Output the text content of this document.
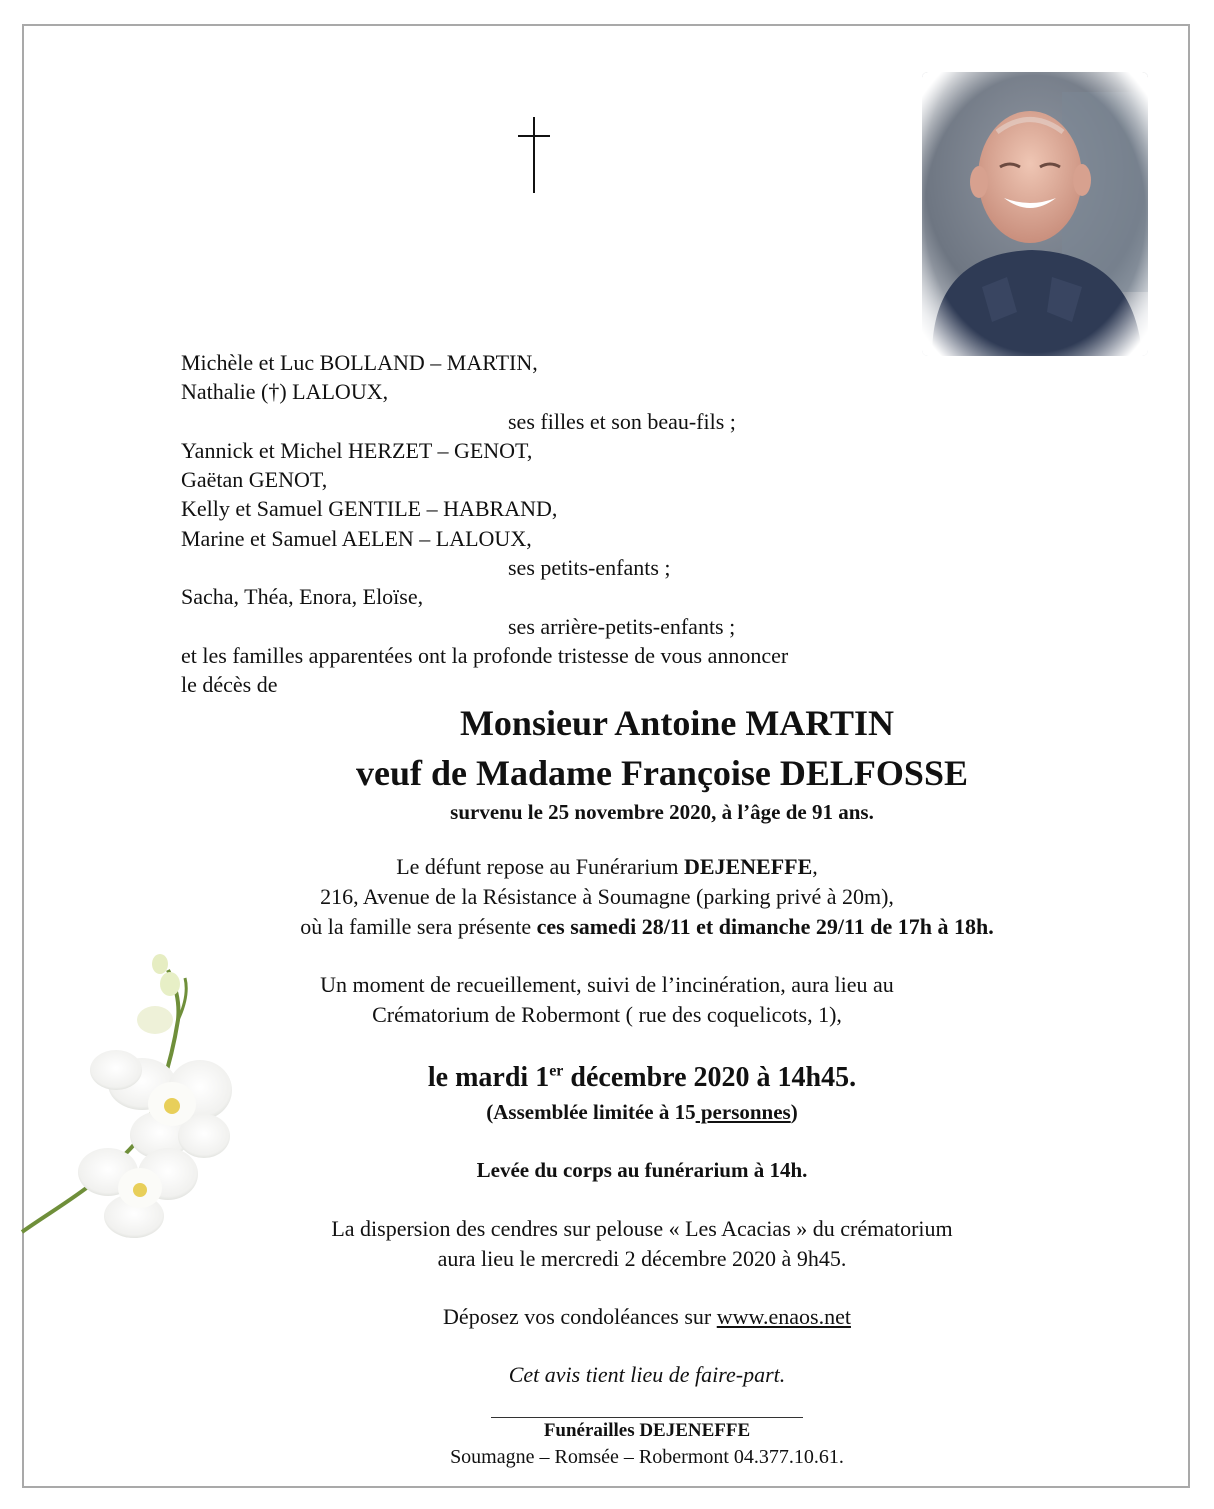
Michèle et Luc BOLLAND – MARTIN,
Nathalie (†) LALOUX,
ses filles et son beau-fils ;
Yannick et Michel HERZET – GENOT,
Gaëtan GENOT,
Kelly et Samuel GENTILE – HABRAND,
Marine et Samuel AELEN – LALOUX,
ses petits-enfants ;
Sacha, Théa, Enora, Eloïse,
ses arrière-petits-enfants ;
et les familles apparentées ont la profonde tristesse de vous annoncer
le décès de
Monsieur Antoine MARTIN
veuf de Madame Françoise DELFOSSE
survenu le 25 novembre 2020, à l’âge de 91 ans.
Le défunt repose au Funérarium DEJENEFFE,
216, Avenue de la Résistance à Soumagne (parking privé à 20m),
où la famille sera présente ces samedi 28/11 et dimanche 29/11 de 17h à 18h.
Un moment de recueillement, suivi de l’incinération, aura lieu au
Crématorium de Robermont ( rue des coquelicots, 1),
le mardi 1er décembre 2020 à 14h45.
(Assemblée limitée à 15 personnes)
Levée du corps au funérarium à 14h.
La dispersion des cendres sur pelouse « Les Acacias » du crématorium
aura lieu le mercredi 2 décembre 2020 à 9h45.
Déposez vos condoléances sur www.enaos.net
Cet avis tient lieu de faire-part.
Funérailles DEJENEFFE
Soumagne – Romsée – Robermont 04.377.10.61.
